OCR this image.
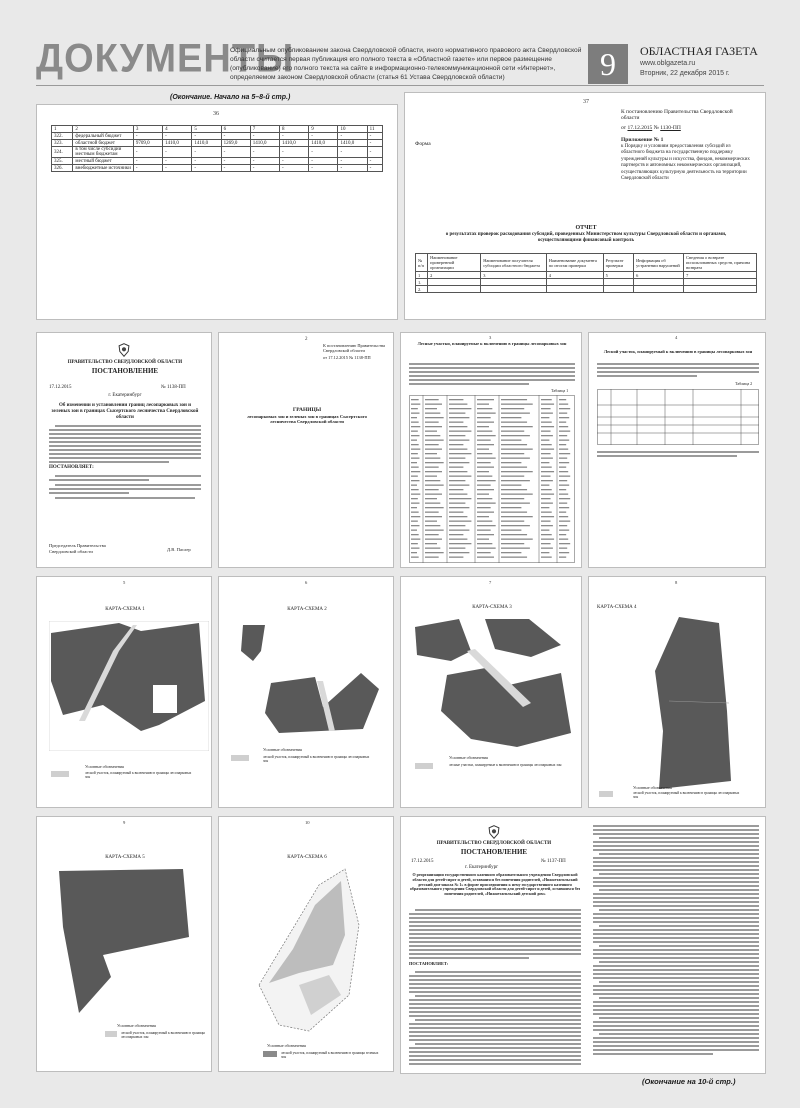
ДОКУМЕНТЫ
Официальным опубликованием закона Свердловской области, иного нормативного правового акта Свердловской области считается первая публикация его полного текста в «Областной газете» или первое размещение (опубликование) его полного текста на сайте в информационно-телекоммуникационной сети «Интернет», определяемом законом Свердловской области (статья 61 Устава Свердловской области)	9	ОБЛАСТНАЯ ГАЗЕТА
www.oblgazeta.ru
Вторник, 22 декабря 2015 г.
(Окончание. Начало на 5–8-й стр.)
36
1	2	3	4	5	6	7	8	9	10	11
322.	федеральный бюджет	-	-	-	-	-	-	-	-	-
323.	областной бюджет	9709,0	1410,0	1410,0	1269,0	1410,0	1410,0	1410,0	1410,0	-
324.	в том числе субсидии местным бюджетам	-	-	-	-	-	-	-	-	-
325.	местный бюджет	-	-	-	-	-	-	-	-	-
326.	внебюджетные источники	-	-	-	-	-	-	-	-	-
37
К постановлению Правительства Свердловской области
от 17.12.2015 № 1130-ПП
Приложение № 1
к Порядку и условиям предоставления субсидий из областного бюджета на государственную поддержку учреждений культуры и искусства, фондов, некоммерческих партнерств и автономных некоммерческих организаций, осуществляющих культурную деятельность на территории Свердловской области
Форма
ОТЧЕТ
о результатах проверок расходования субсидий, проведенных Министерством культуры Свердловской области и органами, осуществляющими финансовый контроль
№ п/п	Наименование проверенной организации	Наименование получателя субсидии областного бюджета	Наименование документа по итогам проверки	Результат проверки	Информация об устранении нарушений	Сведения о возврате использованных средств, причина возврата
1	2	3	4	5	6	7
1.						
2.						
ПРАВИТЕЛЬСТВО СВЕРДЛОВСКОЙ ОБЛАСТИ
ПОСТАНОВЛЕНИЕ
17.12.2015	№ 1138-ПП
г. Екатеринбург
Об изменении и установлении границ лесопарковых зон и зеленых зон в границах Сысертского лесничества Свердловской области
ПОСТАНОВЛЯЕТ:
Председатель Правительства Свердловской области	Д.В. Паслер
2
К постановлению Правительства Свердловской области
от 17.12.2015 № 1138-ПП
ГРАНИЦЫ
лесопарковых зон и зеленых зон в границах Сысертского лесничества Свердловской области
3
Лесные участки, планируемые к включению в границы лесопарковых зон
Таблица 1
4
Лесной участок, планируемый к включению в границы лесопарковых зон
Таблица 2
5
КАРТА-СХЕМА 1
Условные обозначения
лесной участок, планируемый к включению в границы лесопарковых зон
6
КАРТА-СХЕМА 2
Условные обозначения
лесной участок, планируемый к включению в границы лесопарковых зон
7
КАРТА-СХЕМА 3
Условные обозначения
лесные участки, планируемые к включению в границы лесопарковых зон
8
КАРТА-СХЕМА 4
Условные обозначения
лесной участок, планируемый к включению в границы лесопарковых зон
9
КАРТА-СХЕМА 5
Условные обозначения
лесной участок, планируемый к включению в границы лесопарковых зон
10
КАРТА-СХЕМА 6
Условные обозначения
лесной участок, планируемый к включению в границы зеленых зон
ПРАВИТЕЛЬСТВО СВЕРДЛОВСКОЙ ОБЛАСТИ
ПОСТАНОВЛЕНИЕ
17.12.2015	№ 1137-ПП
г. Екатеринбург
О реорганизации государственного казенного образовательного учреждения Свердловской области для детей-сирот и детей, оставшихся без попечения родителей, «Нижнетагильский детский дом-школа № 1» в форме присоединения к нему государственного казенного образовательного учреждения Свердловской области для детей-сирот и детей, оставшихся без попечения родителей, «Нижнетагильский детский дом»
ПОСТАНОВЛЯЕТ:
(Окончание на 10-й стр.)
